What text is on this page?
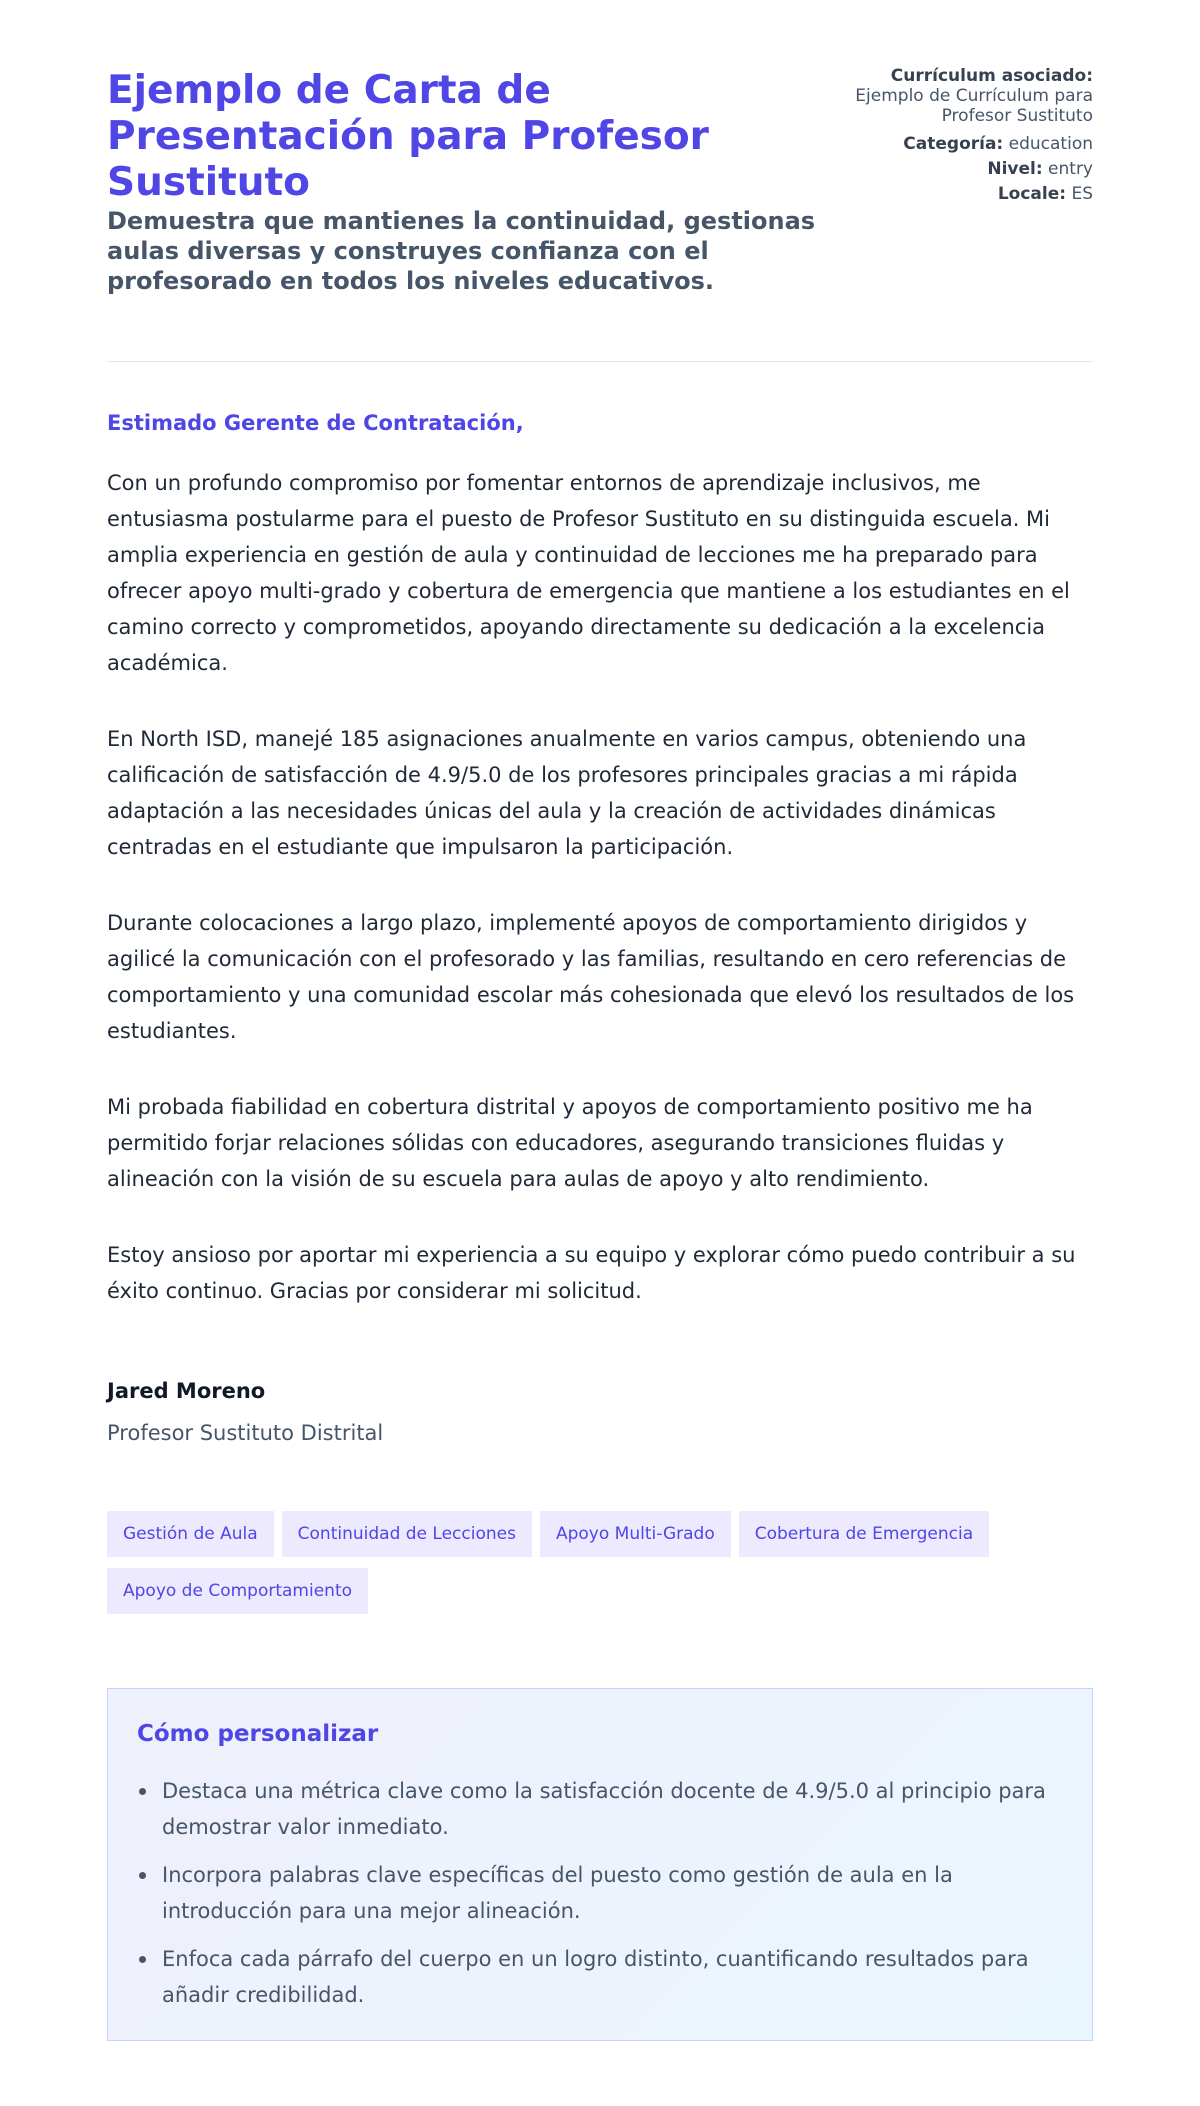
Ejemplo de Carta de Presentación para Profesor Sustituto
Demuestra que mantienes la continuidad, gestionas aulas diversas y construyes confianza con el profesorado en todos los niveles educativos.
Currículum asociado:
Ejemplo de Currículum para Profesor Sustituto
Categoría: education
Nivel: entry
Locale: ES

Estimado Gerente de Contratación,

Con un profundo compromiso por fomentar entornos de aprendizaje inclusivos, me entusiasma postularme para el puesto de Profesor Sustituto en su distinguida escuela. Mi amplia experiencia en gestión de aula y continuidad de lecciones me ha preparado para ofrecer apoyo multi-grado y cobertura de emergencia que mantiene a los estudiantes en el camino correcto y comprometidos, apoyando directamente su dedicación a la excelencia académica.

En North ISD, manejé 185 asignaciones anualmente en varios campus, obteniendo una calificación de satisfacción de 4.9/5.0 de los profesores principales gracias a mi rápida adaptación a las necesidades únicas del aula y la creación de actividades dinámicas centradas en el estudiante que impulsaron la participación.

Durante colocaciones a largo plazo, implementé apoyos de comportamiento dirigidos y agilicé la comunicación con el profesorado y las familias, resultando en cero referencias de comportamiento y una comunidad escolar más cohesionada que elevó los resultados de los estudiantes.

Mi probada fiabilidad en cobertura distrital y apoyos de comportamiento positivo me ha permitido forjar relaciones sólidas con educadores, asegurando transiciones fluidas y alineación con la visión de su escuela para aulas de apoyo y alto rendimiento.

Estoy ansioso por aportar mi experiencia a su equipo y explorar cómo puedo contribuir a su éxito continuo. Gracias por considerar mi solicitud.

Jared Moreno

Profesor Sustituto Distrital

Gestión de Aula Continuidad de Lecciones Apoyo Multi-Grado Cobertura de EmergenciaApoyo de Comportamiento
Cómo personalizar
Destaca una métrica clave como la satisfacción docente de 4.9/5.0 al principio para demostrar valor inmediato.
Incorpora palabras clave específicas del puesto como gestión de aula en la introducción para una mejor alineación.
Enfoca cada párrafo del cuerpo en un logro distinto, cuantificando resultados para añadir credibilidad.
